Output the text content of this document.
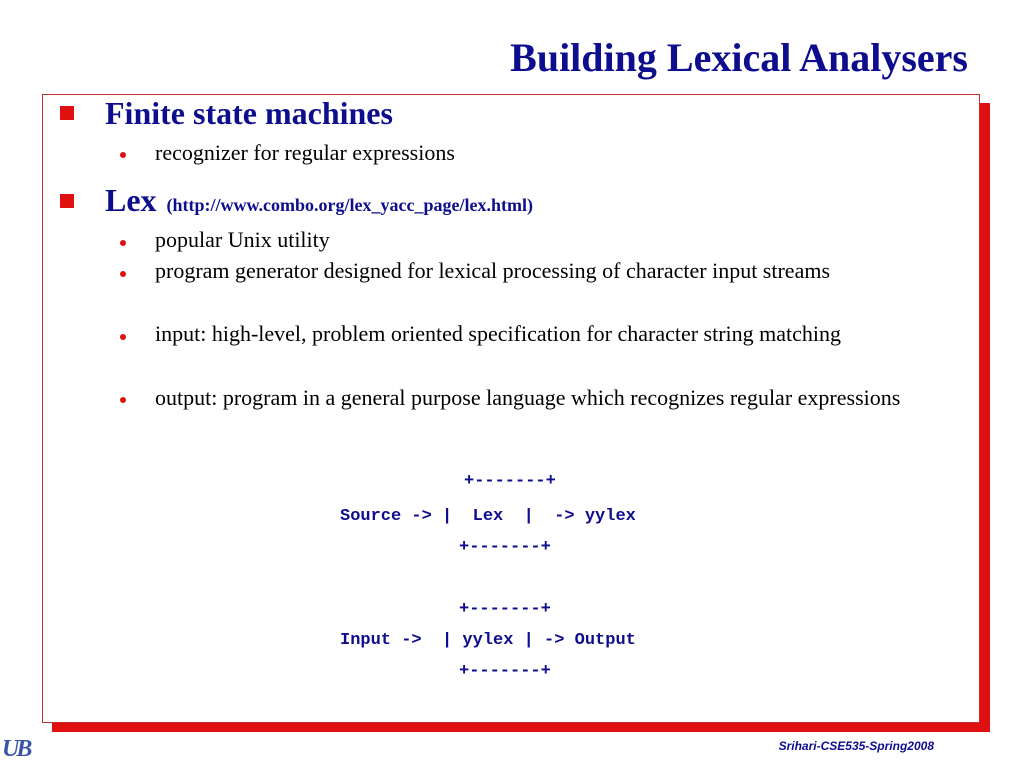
Building Lexical Analysers
Finite state machines
recognizer for regular expressions
Lex (http://www.combo.org/lex_yacc_page/lex.html)
popular Unix utility
program generator designed for lexical processing of character input streams
input: high-level, problem oriented specification for character string matching
output: program in a general purpose language which recognizes regular expressions
+-------+
Source -> |  Lex  |  -> yylex
+-------+
+-------+
Input ->  | yylex | -> Output
+-------+
UB	Srihari-CSE535-Spring2008
